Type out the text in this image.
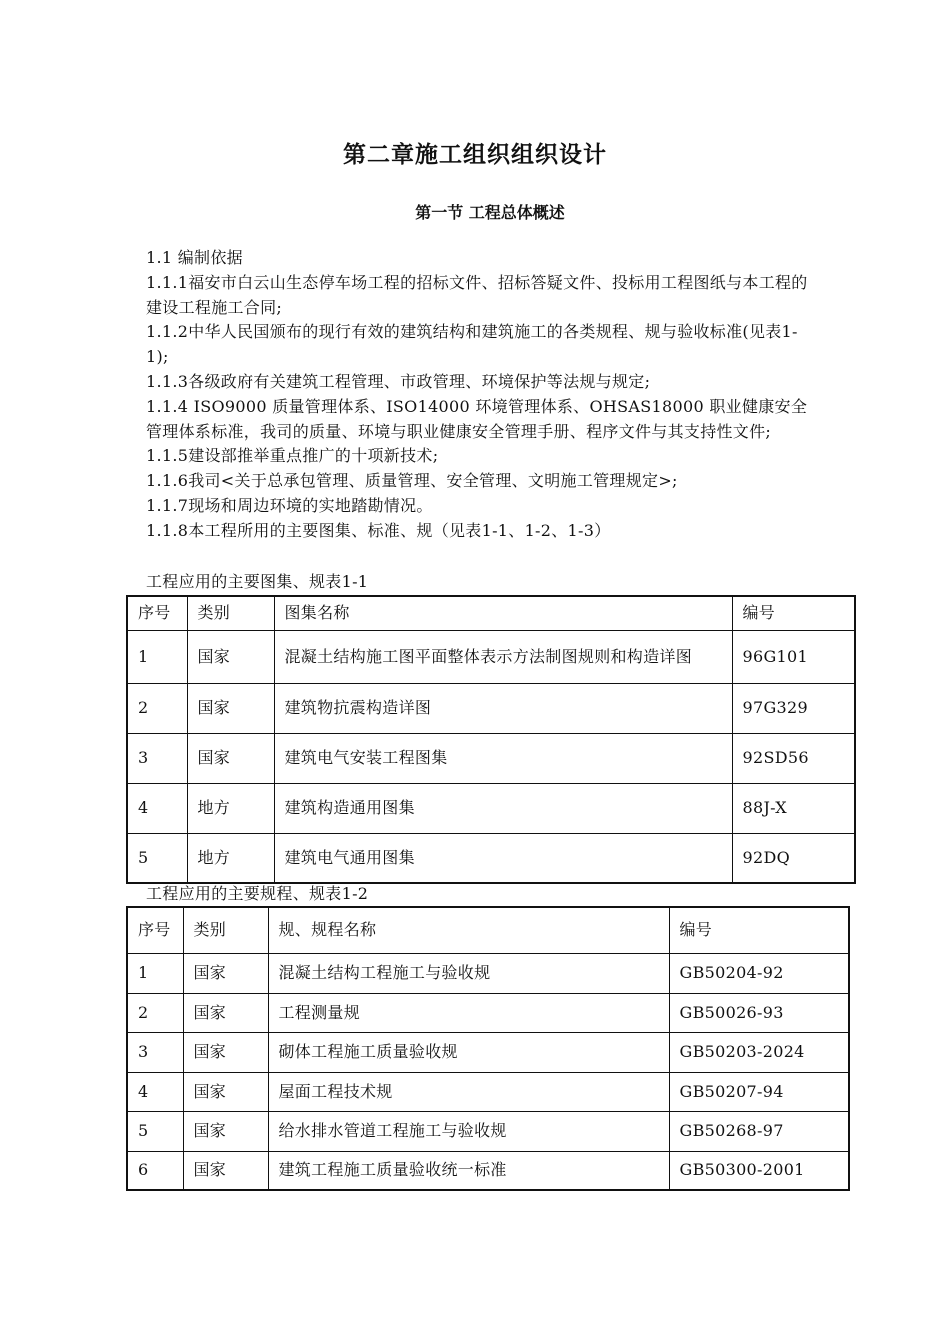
第二章施工组织组织设计
第一节 工程总体概述

1.1 编制依据

1.1.1福安市白云山生态停车场工程的招标文件、招标答疑文件、投标用工程图纸与本工程的建设工程施工合同;

1.1.2中华人民国颁布的现行有效的建筑结构和建筑施工的各类规程、规与验收标准(见表1-1);

1.1.3各级政府有关建筑工程管理、市政管理、环境保护等法规与规定;

1.1.4 ISO9000 质量管理体系、ISO14000 环境管理体系、OHSAS18000 职业健康安全管理体系标准，我司的质量、环境与职业健康安全管理手册、程序文件与其支持性文件;

1.1.5建设部推举重点推广的十项新技术;

1.1.6我司<关于总承包管理、质量管理、安全管理、文明施工管理规定>;

1.1.7现场和周边环境的实地踏勘情况。

1.1.8本工程所用的主要图集、标准、规（见表1-1、1-2、1-3）

工程应用的主要图集、规表1-1
序号	类别	图集名称	编号
1	国家	混凝土结构施工图平面整体表示方法制图规则和构造详图	96G101
2	国家	建筑物抗震构造详图	97G329
3	国家	建筑电气安装工程图集	92SD56
4	地方	建筑构造通用图集	88J-X
5	地方	建筑电气通用图集	92DQ
工程应用的主要规程、规表1-2
序号	类别	规、规程名称	编号
1	国家	混凝土结构工程施工与验收规	GB50204-92
2	国家	工程测量规	GB50026-93
3	国家	砌体工程施工质量验收规	GB50203-2024
4	国家	屋面工程技术规	GB50207-94
5	国家	给水排水管道工程施工与验收规	GB50268-97
6	国家	建筑工程施工质量验收统一标准	GB50300-2001
